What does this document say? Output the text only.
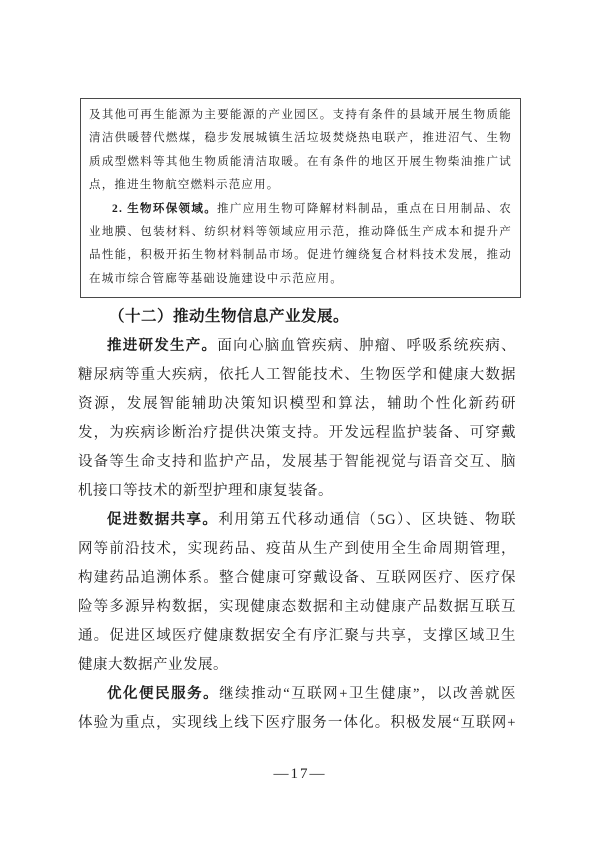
及其他可再生能源为主要能源的产业园区。支持有条件的县域开展生物质能
清洁供暖替代燃煤，稳步发展城镇生活垃圾焚烧热电联产，推进沼气、生物
质成型燃料等其他生物质能清洁取暖。在有条件的地区开展生物柴油推广试
点，推进生物航空燃料示范应用。
2. 生物环保领域。推广应用生物可降解材料制品，重点在日用制品、农
业地膜、包装材料、纺织材料等领域应用示范，推动降低生产成本和提升产
品性能，积极开拓生物材料制品市场。促进竹缠绕复合材料技术发展，推动
在城市综合管廊等基础设施建设中示范应用。
（十二）推动生物信息产业发展。
推进研发生产。面向心脑血管疾病、肿瘤、呼吸系统疾病、
糖尿病等重大疾病，依托人工智能技术、生物医学和健康大数据
资源，发展智能辅助决策知识模型和算法，辅助个性化新药研
发，为疾病诊断治疗提供决策支持。开发远程监护装备、可穿戴
设备等生命支持和监护产品，发展基于智能视觉与语音交互、脑
机接口等技术的新型护理和康复装备。
促进数据共享。利用第五代移动通信（5G）、区块链、物联
网等前沿技术，实现药品、疫苗从生产到使用全生命周期管理，
构建药品追溯体系。整合健康可穿戴设备、互联网医疗、医疗保
险等多源异构数据，实现健康态数据和主动健康产品数据互联互
通。促进区域医疗健康数据安全有序汇聚与共享，支撑区域卫生
健康大数据产业发展。
优化便民服务。继续推动“互联网+卫生健康”，以改善就医
体验为重点，实现线上线下医疗服务一体化。积极发展“互联网+
—17—
